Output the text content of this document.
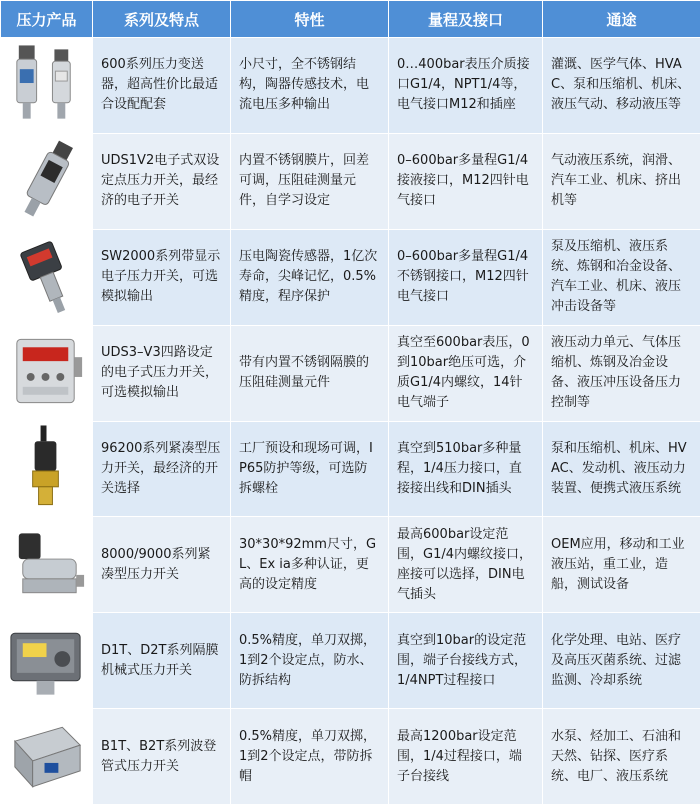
压力产品	系列及特点	特性	量程及接口	通途

	600系列压力变送器，超高性价比最适合设配配套	小尺寸，全不锈钢结构，陶器传感技术，电流电压多种输出	0…400bar表压介质接口G1/4，NPT1/4等，电气接口M12和插座	灌溉、医学气体、HVAC、泵和压缩机、机床、液压气动、移动液压等

	UDS1V2电子式双设定点压力开关，最经济的电子开关	内置不锈钢膜片，回差可调，压阻硅测量元件，自学习设定	0–600bar多量程G1/4接液接口，M12四针电气接口	气动液压系统，润滑、汽车工业、机床、挤出机等

	SW2000系列带显示电子压力开关，可选模拟输出	压电陶瓷传感器，1亿次寿命，尖峰记忆，0.5%精度，程序保护	0–600bar多量程G1/4不锈钢接口，M12四针电气接口	泵及压缩机、液压系统、炼钢和冶金设备、汽车工业、机床、液压冲击设备等

	UDS3–V3四路设定的电子式压力开关，可选模拟输出	带有内置不锈钢隔膜的压阻硅测量元件	真空至600bar表压，0到10bar绝压可选，介质G1/4内螺纹，14针电气端子	液压动力单元、气体压缩机、炼钢及冶金设备、液压冲压设备压力控制等

	96200系列紧凑型压力开关，最经济的开关选择	工厂预设和现场可调，IP65防护等级，可选防拆螺栓	真空到510bar多种量程，1/4压力接口，直接接出线和DIN插头	泵和压缩机、机床、HVAC、发动机、液压动力装置、便携式液压系统

	8000/9000系列紧凑型压力开关	30*30*92mm尺寸，GL、Ex ia多种认证，更高的设定精度	最高600bar设定范围，G1/4内螺纹接口，座接可以选择，DIN电气插头	OEM应用，移动和工业液压站，重工业，造船，测试设备

	D1T、D2T系列隔膜机械式压力开关	0.5%精度，单刀双掷，1到2个设定点，防水、防拆结构	真空到10bar的设定范围，端子台接线方式，1/4NPT过程接口	化学处理、电站、医疗及高压灭菌系统、过滤监测、冷却系统

	B1T、B2T系列波登管式压力开关	0.5%精度，单刀双掷，1到2个设定点，带防拆帽	最高1200bar设定范围，1/4过程接口，端子台接线	水泵、烃加工、石油和天然、钻探、医疗系统、电厂、液压系统
